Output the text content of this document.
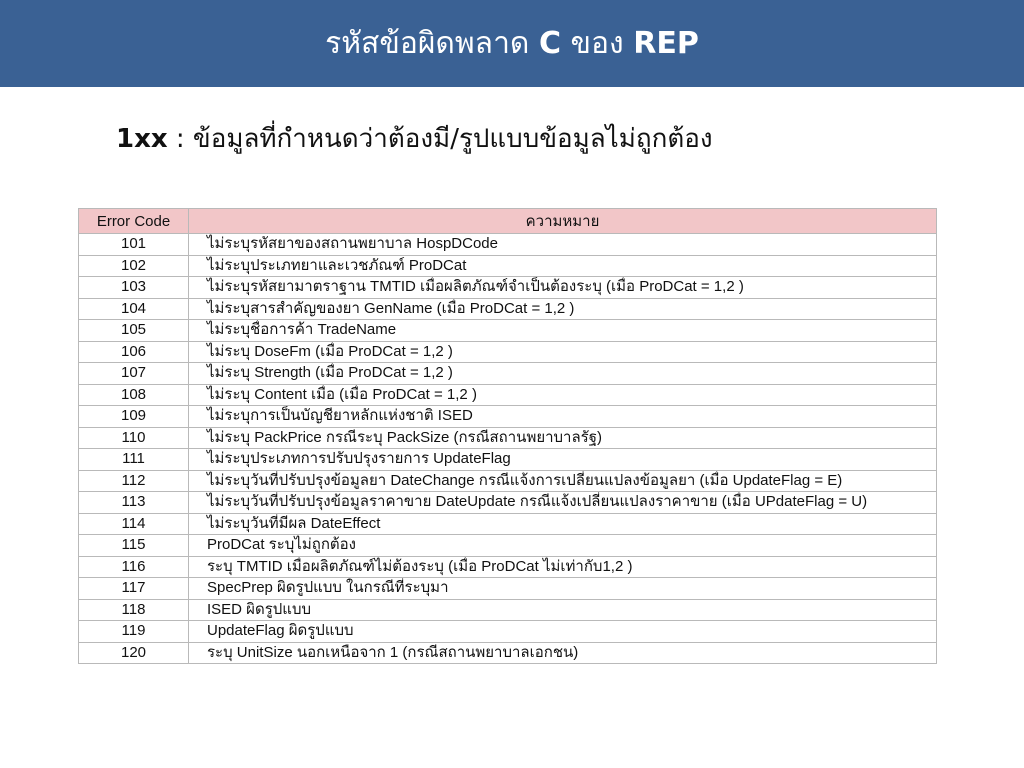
รหัสข้อผิดพลาด C ของ REP
1xx : ข้อมูลที่กำหนดว่าต้องมี/รูปแบบข้อมูลไม่ถูกต้อง
Error Code	ความหมาย
101	ไม่ระบุรหัสยาของสถานพยาบาล HospDCode
102	ไม่ระบุประเภทยาและเวชภัณฑ์ ProDCat
103	ไม่ระบุรหัสยามาตราฐาน TMTID เมื่อผลิตภัณฑ์จำเป็นต้องระบุ (เมื่อ ProDCat = 1,2 )
104	ไม่ระบุสารสำคัญของยา GenName (เมื่อ ProDCat = 1,2 )
105	ไม่ระบุชื่อการค้า TradeName
106	ไม่ระบุ DoseFm (เมื่อ ProDCat = 1,2 )
107	ไม่ระบุ Strength (เมื่อ ProDCat = 1,2 )
108	ไม่ระบุ Content เมื่อ (เมื่อ ProDCat = 1,2 )
109	ไม่ระบุการเป็นบัญชียาหลักแห่งชาติ ISED
110	ไม่ระบุ PackPrice กรณีระบุ PackSize (กรณีสถานพยาบาลรัฐ)
111	ไม่ระบุประเภทการปรับปรุงรายการ UpdateFlag
112	ไม่ระบุวันที่ปรับปรุงข้อมูลยา DateChange กรณีแจ้งการเปลี่ยนแปลงข้อมูลยา (เมื่อ UpdateFlag = E)
113	ไม่ระบุวันที่ปรับปรุงข้อมูลราคาขาย DateUpdate กรณีแจ้งเปลี่ยนแปลงราคาขาย (เมื่อ UPdateFlag = U)
114	ไม่ระบุวันที่มีผล DateEffect
115	ProDCat ระบุไม่ถูกต้อง
116	ระบุ TMTID เมื่อผลิตภัณฑ์ไม่ต้องระบุ (เมื่อ ProDCat ไม่เท่ากับ1,2 )
117	SpecPrep ผิดรูปแบบ ในกรณีที่ระบุมา
118	ISED ผิดรูปแบบ
119	UpdateFlag ผิดรูปแบบ
120	ระบุ UnitSize นอกเหนือจาก 1 (กรณีสถานพยาบาลเอกชน)
